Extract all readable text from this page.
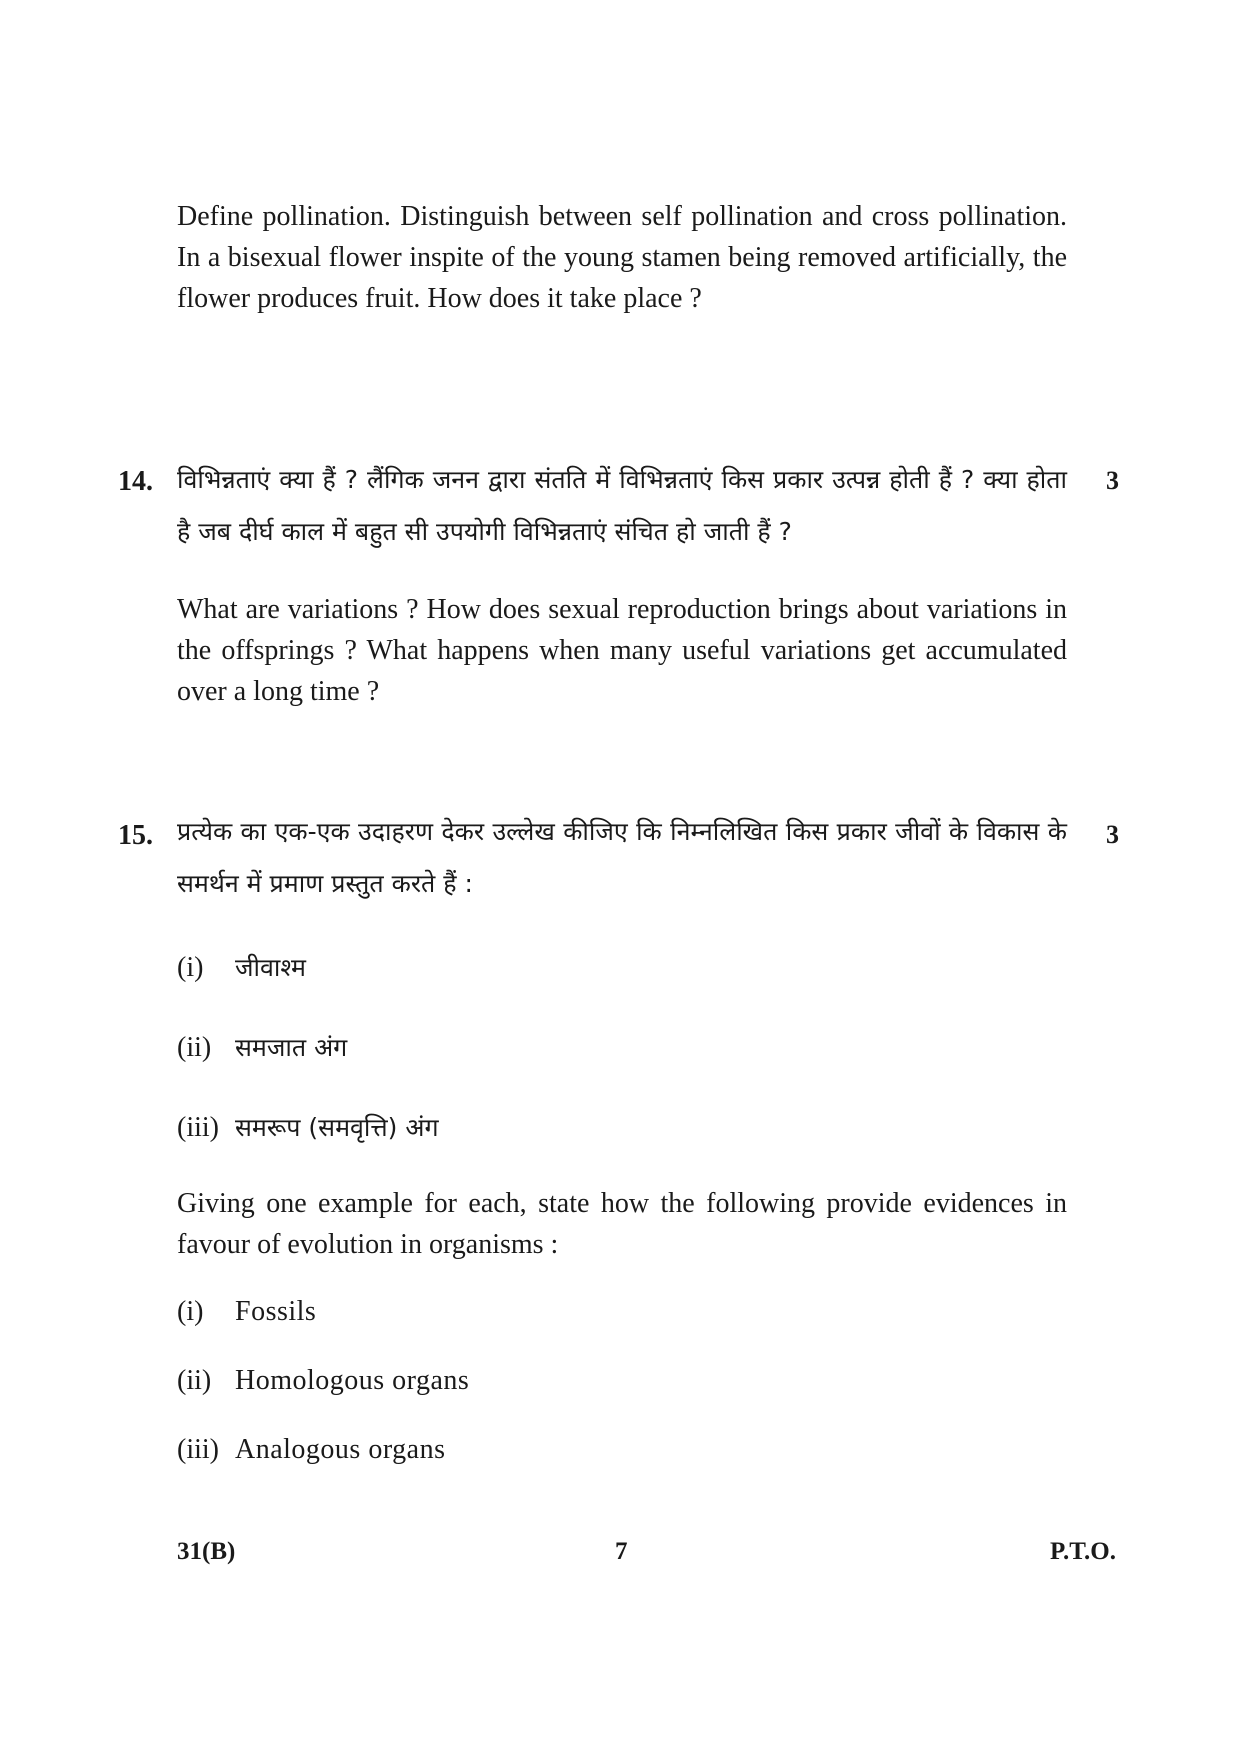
Define pollination. Distinguish between self pollination and cross pollination. In a bisexual flower inspite of the young stamen being removed artificially, the flower produces fruit. How does it take place ?

14.	3

विभिन्नताएं क्या हैं ? लैंगिक जनन द्वारा संतति में विभिन्नताएं किस प्रकार उत्पन्न होती हैं ? क्या होता है जब दीर्घ काल में बहुत सी उपयोगी विभिन्नताएं संचित हो जाती हैं ?

What are variations ? How does sexual reproduction brings about variations in the offsprings ? What happens when many useful variations get accumulated over a long time ?

15.	3

प्रत्येक का एक-एक उदाहरण देकर उल्लेख कीजिए कि निम्नलिखित किस प्रकार जीवों के विकास के समर्थन में प्रमाण प्रस्तुत करते हैं :

(i) जीवाश्म
(ii) समजात अंग
(iii) समरूप (समवृत्ति) अंग

Giving one example for each, state how the following provide evidences in favour of evolution in organisms :

(i) Fossils
(ii) Homologous organs
(iii) Analogous organs
31(B)	7	P.T.O.
